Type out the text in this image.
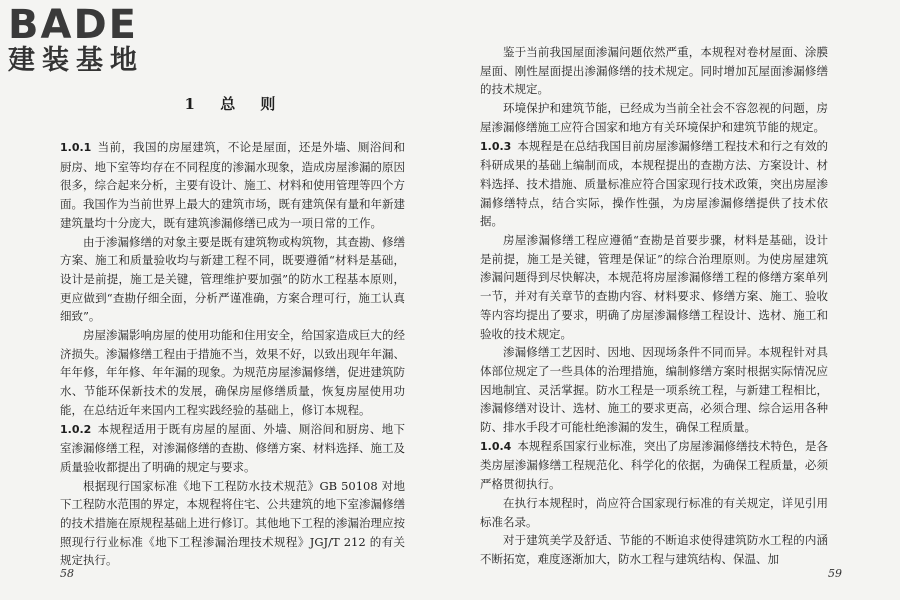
BADE
建装基地
1 总 则

1.0.1 当前，我国的房屋建筑，不论是屋面，还是外墙、厕浴间和厨房、地下室等均存在不同程度的渗漏水现象，造成房屋渗漏的原因很多，综合起来分析，主要有设计、施工、材料和使用管理等四个方面。我国作为当前世界上最大的建筑市场，既有建筑保有量和年新建建筑量均十分庞大，既有建筑渗漏修缮已成为一项日常的工作。

由于渗漏修缮的对象主要是既有建筑物或构筑物，其查勘、修缮方案、施工和质量验收均与新建工程不同，既要遵循“材料是基础，设计是前提，施工是关键，管理维护要加强”的防水工程基本原则，更应做到“查勘仔细全面，分析严谨准确，方案合理可行，施工认真细致”。

房屋渗漏影响房屋的使用功能和住用安全，给国家造成巨大的经济损失。渗漏修缮工程由于措施不当，效果不好，以致出现年年漏、年年修，年年修、年年漏的现象。为规范房屋渗漏修缮，促进建筑防水、节能环保新技术的发展，确保房屋修缮质量，恢复房屋使用功能，在总结近年来国内工程实践经验的基础上，修订本规程。

1.0.2 本规程适用于既有房屋的屋面、外墙、厕浴间和厨房、地下室渗漏修缮工程，对渗漏修缮的查勘、修缮方案、材料选择、施工及质量验收都提出了明确的规定与要求。

根据现行国家标准《地下工程防水技术规范》GB 50108 对地下工程防水范围的界定，本规程将住宅、公共建筑的地下室渗漏修缮的技术措施在原规程基础上进行修订。其他地下工程的渗漏治理应按照现行行业标准《地下工程渗漏治理技术规程》JGJ/T 212 的有关规定执行。

58

鉴于当前我国屋面渗漏问题依然严重，本规程对卷材屋面、涂膜屋面、刚性屋面提出渗漏修缮的技术规定。同时增加瓦屋面渗漏修缮的技术规定。

环境保护和建筑节能，已经成为当前全社会不容忽视的问题，房屋渗漏修缮施工应符合国家和地方有关环境保护和建筑节能的规定。

1.0.3 本规程是在总结我国目前房屋渗漏修缮工程技术和行之有效的科研成果的基础上编制而成，本规程提出的查勘方法、方案设计、材料选择、技术措施、质量标准应符合国家现行技术政策，突出房屋渗漏修缮特点，结合实际，操作性强，为房屋渗漏修缮提供了技术依据。

房屋渗漏修缮工程应遵循“查勘是首要步骤，材料是基础，设计是前提，施工是关键，管理是保证”的综合治理原则。为使房屋建筑渗漏问题得到尽快解决，本规范将房屋渗漏修缮工程的修缮方案单列一节，并对有关章节的查勘内容、材料要求、修缮方案、施工、验收等内容均提出了要求，明确了房屋渗漏修缮工程设计、选材、施工和验收的技术规定。

渗漏修缮工艺因时、因地、因现场条件不同而异。本规程针对具体部位规定了一些具体的治理措施，编制修缮方案时根据实际情况应因地制宜、灵活掌握。防水工程是一项系统工程，与新建工程相比，渗漏修缮对设计、选材、施工的要求更高，必须合理、综合运用各种防、排水手段才可能杜绝渗漏的发生，确保工程质量。

1.0.4 本规程系国家行业标准，突出了房屋渗漏修缮技术特色，是各类房屋渗漏修缮工程规范化、科学化的依据，为确保工程质量，必须严格贯彻执行。

在执行本规程时，尚应符合国家现行标准的有关规定，详见引用标准名录。

对于建筑美学及舒适、节能的不断追求使得建筑防水工程的内涵不断拓宽，难度逐渐加大，防水工程与建筑结构、保温、加

59
